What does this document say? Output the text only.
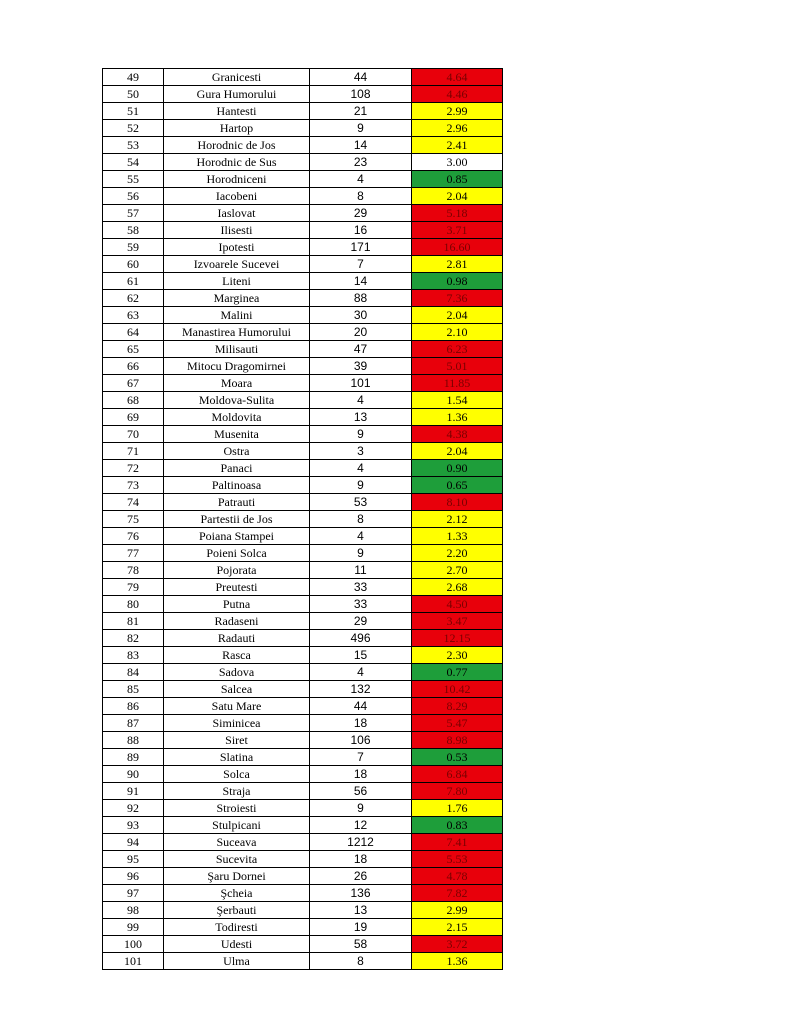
49	Granicesti	44	4.64
50	Gura Humorului	108	4.46
51	Hantesti	21	2.99
52	Hartop	9	2.96
53	Horodnic de Jos	14	2.41
54	Horodnic de Sus	23	3.00
55	Horodniceni	4	0.85
56	Iacobeni	8	2.04
57	Iaslovat	29	5.18
58	Ilisesti	16	3.71
59	Ipotesti	171	16.60
60	Izvoarele Sucevei	7	2.81
61	Liteni	14	0.98
62	Marginea	88	7.36
63	Malini	30	2.04
64	Manastirea Humorului	20	2.10
65	Milisauti	47	6.23
66	Mitocu Dragomirnei	39	5.01
67	Moara	101	11.85
68	Moldova-Sulita	4	1.54
69	Moldovita	13	1.36
70	Musenita	9	4.38
71	Ostra	3	2.04
72	Panaci	4	0.90
73	Paltinoasa	9	0.65
74	Patrauti	53	8.10
75	Partestii de Jos	8	2.12
76	Poiana Stampei	4	1.33
77	Poieni Solca	9	2.20
78	Pojorata	11	2.70
79	Preutesti	33	2.68
80	Putna	33	4.50
81	Radaseni	29	3.47
82	Radauti	496	12.15
83	Rasca	15	2.30
84	Sadova	4	0.77
85	Salcea	132	10.42
86	Satu Mare	44	8.29
87	Siminicea	18	5.47
88	Siret	106	8.98
89	Slatina	7	0.53
90	Solca	18	6.84
91	Straja	56	7.80
92	Stroiesti	9	1.76
93	Stulpicani	12	0.83
94	Suceava	1212	7.41
95	Sucevita	18	5.53
96	Şaru Dornei	26	4.78
97	Şcheia	136	7.82
98	Şerbauti	13	2.99
99	Todiresti	19	2.15
100	Udesti	58	3.72
101	Ulma	8	1.36
